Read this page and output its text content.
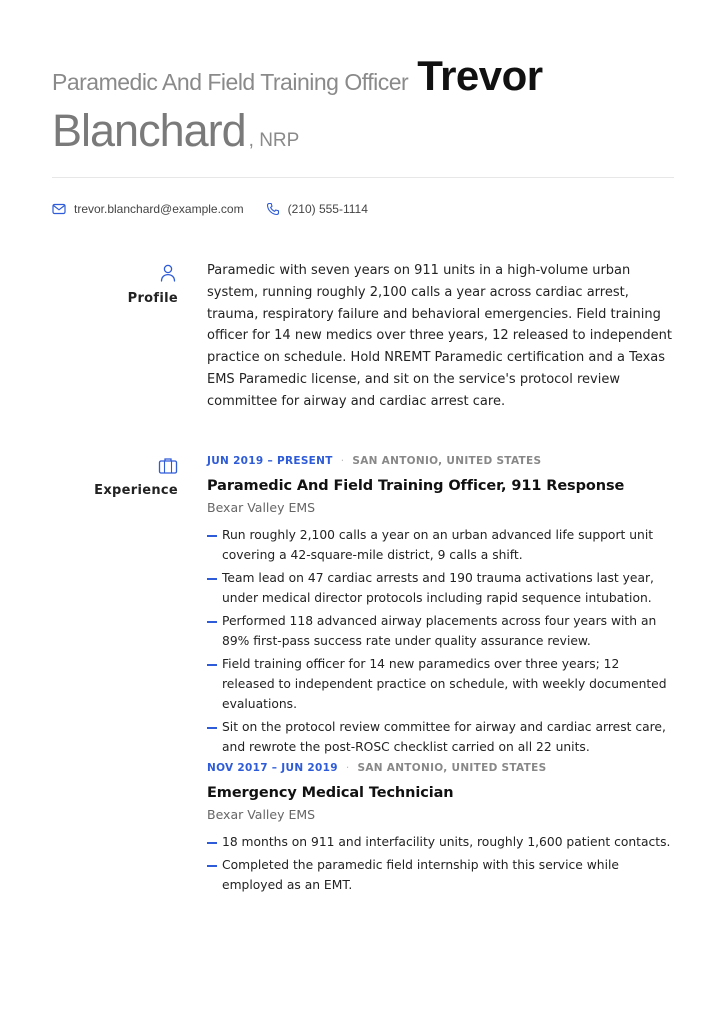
Paramedic And Field Training Officer Trevor
Blanchard , NRP
trevor.blanchard@example.com	(210) 555-1114
Profile
Paramedic with seven years on 911 units in a high-volume urban system, running roughly 2,100 calls a year across cardiac arrest, trauma, respiratory failure and behavioral emergencies. Field training officer for 14 new medics over three years, 12 released to independent practice on schedule. Hold NREMT Paramedic certification and a Texas EMS Paramedic license, and sit on the service's protocol review committee for airway and cardiac arrest care.
Experience
JUN 2019 – PRESENT · SAN ANTONIO, UNITED STATES
Paramedic And Field Training Officer, 911 Response
Bexar Valley EMS
Run roughly 2,100 calls a year on an urban advanced life support unit covering a 42-square-mile district, 9 calls a shift.
Team lead on 47 cardiac arrests and 190 trauma activations last year, under medical director protocols including rapid sequence intubation.
Performed 118 advanced airway placements across four years with an 89% first-pass success rate under quality assurance review.
Field training officer for 14 new paramedics over three years; 12 released to independent practice on schedule, with weekly documented evaluations.
Sit on the protocol review committee for airway and cardiac arrest care, and rewrote the post-ROSC checklist carried on all 22 units.
NOV 2017 – JUN 2019 · SAN ANTONIO, UNITED STATES
Emergency Medical Technician
Bexar Valley EMS
18 months on 911 and interfacility units, roughly 1,600 patient contacts.
Completed the paramedic field internship with this service while employed as an EMT.
